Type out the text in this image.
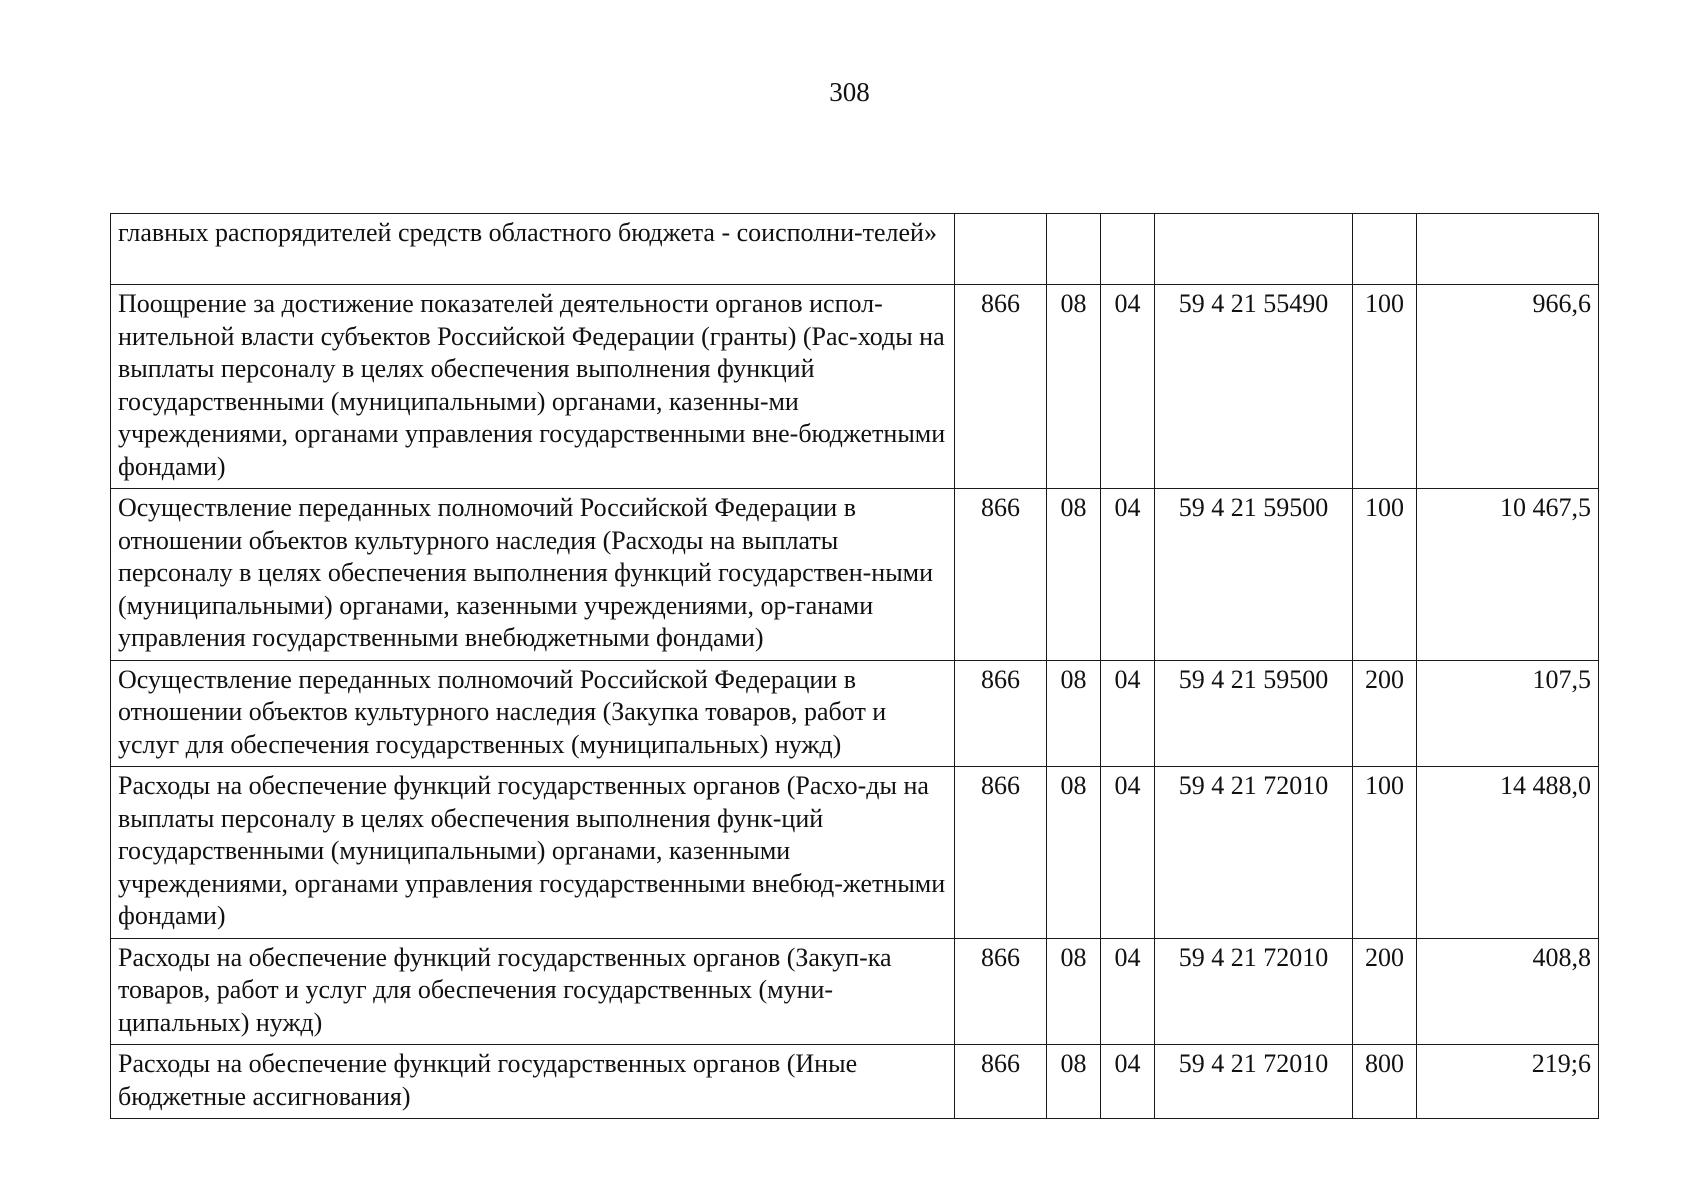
308
главных распорядителей средств областного бюджета - соисполни-телей»						
Поощрение за достижение показателей деятельности органов испол-нительной власти субъектов Российской Федерации (гранты) (Рас-ходы на выплаты персоналу в целях обеспечения выполнения функций государственными (муниципальными) органами, казенны-ми учреждениями, органами управления государственными вне-бюджетными фондами)	866	08	04	59 4 21 55490	100	966,6
Осуществление переданных полномочий Российской Федерации в отношении объектов культурного наследия (Расходы на выплаты персоналу в целях обеспечения выполнения функций государствен-ными (муниципальными) органами, казенными учреждениями, ор-ганами управления государственными внебюджетными фондами)	866	08	04	59 4 21 59500	100	10 467,5
Осуществление переданных полномочий Российской Федерации в отношении объектов культурного наследия (Закупка товаров, работ и услуг для обеспечения государственных (муниципальных) нужд)	866	08	04	59 4 21 59500	200	107,5
Расходы на обеспечение функций государственных органов (Расхо-ды на выплаты персоналу в целях обеспечения выполнения функ-ций государственными (муниципальными) органами, казенными учреждениями, органами управления государственными внебюд-жетными фондами)	866	08	04	59 4 21 72010	100	14 488,0
Расходы на обеспечение функций государственных органов (Закуп-ка товаров, работ и услуг для обеспечения государственных (муни-ципальных) нужд)	866	08	04	59 4 21 72010	200	408,8
Расходы на обеспечение функций государственных органов (Иные бюджетные ассигнования)	866	08	04	59 4 21 72010	800	219;6
